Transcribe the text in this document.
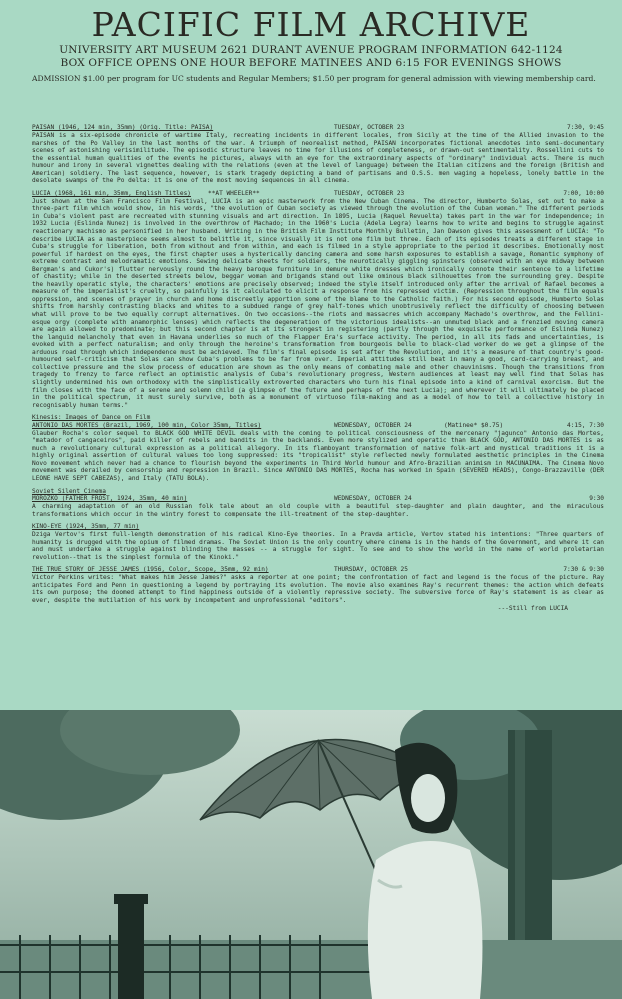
PACIFIC FILM ARCHIVE
UNIVERSITY ART MUSEUM 2621 DURANT AVENUE PROGRAM INFORMATION 642-1124
BOX OFFICE OPENS ONE HOUR BEFORE MATINEES AND 6:15 FOR EVENINGS SHOWS
ADMISSION $1.00 per program for UC students and Regular Members; $1.50 per program for general admission with viewing membership card.
PAISAN (1946, 124 min, 35mm) (Orig. Title: PAISA)	TUESDAY, OCTOBER 23	7:30, 9:45

PAISAN is a six-episode chronicle of wartime Italy, recreating incidents in different locales, from Sicily at the time of the Allied invasion to the marshes of the Po Valley in the last months of the war. A triumph of neorealist method, PAISAN incorporates fictional anecdotes into semi-documentary scenes of astonishing verisimilitude. The episodic structure leaves no time for illusions of completeness, or drawn-out sentimentality. Rossellini cuts to the essential human qualities of the events he pictures, always with an eye for the extraordinary aspects of "ordinary" individual acts. There is much humour and irony in several vignettes dealing with the relations (even at the level of language) between the Italian citizens and the foreign (British and American) soldiery. The last sequence, however, is stark tragedy depicting a band of partisans and O.S.S. men waging a hopeless, lonely battle in the desolate swamps of the Po delta: it is one of the most moving sequences in all cinema.

LUCIA (1968, 161 min, 35mm, English Titles)	**AT WHEELER**	TUESDAY, OCTOBER 23	7:00, 10:00

Just shown at the San Francisco Film Festival, LUCIA is an epic masterwork from the New Cuban Cinema. The director, Humberto Solas, set out to make a three-part film which would show, in his words, "the evolution of Cuban society as viewed through the evolution of the Cuban woman." The different periods in Cuba's violent past are recreated with stunning visuals and art direction. In 1895, Lucia (Raquel Revuelta) takes part in the war for independence; in 1932 Lucia (Eslinda Nunez) is involved in the overthrow of Machado; in the 1960's Lucia (Adela Legra) learns how to write and begins to struggle against reactionary machismo as personified in her husband. Writing in the British Film Institute Monthly Bulletin, Jan Dawson gives this assessment of LUCIA: "To describe LUCIA as a masterpiece seems almost to belittle it, since visually it is not one film but three. Each of its episodes treats a different stage in Cuba's struggle for liberation, both from without and from within, and each is filmed in a style appropriate to the period it describes. Emotionally most powerful if hardest on the eyes, the first chapter uses a hysterically dancing camera and some harsh exposures to establish a savage, Romantic symphony of extreme contrast and melodramatic emotions. Sewing delicate sheets for soldiers, the neurotically giggling spinsters (observed with an eye midway between Bergman's and Cukor's) flutter nervously round the heavy baroque furniture in demure white dresses which ironically connote their sentence to a lifetime of chastity; while in the deserted streets below, beggar woman and brigands stand out like ominous black silhouettes from the surrounding grey. Despite the heavily operatic style, the characters' emotions are precisely observed; indeed the style itself introduced only after the arrival of Rafael becomes a measure of the imperialist's cruelty, so painfully is it calculated to elicit a response from his repressed victim. (Repression throughout the film equals oppression, and scenes of prayer in church and home discreetly apportion some of the blame to the Catholic faith.) For his second episode, Humberto Solas shifts from harshly contrasting blacks and whites to a subdued range of grey half-tones which unobtrusively reflect the difficulty of choosing between what will prove to be two equally corrupt alternatives. On two occasions--the riots and massacres which accompany Machado's overthrow, and the Fellini-esque orgy (complete with anamorphic lenses) which reflects the degeneration of the victorious idealists--an unmuted black and a frenzied moving camera are again allowed to predominate; but this second chapter is at its strongest in registering (partly through the exquisite performance of Eslinda Nunez) the languid melancholy that even in Havana underlies so much of the Flapper Era's surface activity. The period, in all its fads and uncertainties, is evoked with a perfect naturalism; and only through the heroine's transformation from bourgeois belle to black-clad worker do we get a glimpse of the arduous road through which independence must be achieved. The film's final episode is set after the Revolution, and it's a measure of that country's good-humoured self-criticism that Solas can show Cuba's problems to be far from over. Imperial attitudes still beat in many a good, card-carrying breast, and collective pressure and the slow process of education are shown as the only means of combating male and other chauvinisms. Though the transitions from tragedy to frenzy to farce reflect an optimistic analysis of Cuba's revolutionary progress, Western audiences at least may well find that Solas has slightly undermined his own orthodoxy with the simplistically extroverted characters who turn his final episode into a kind of carnival exorcism. But the film closes with the face of a serene and solemn child (a glimpse of the future and perhaps of the next Lucia); and wherever it will ultimately be placed in the political spectrum, it must surely survive, both as a monument of virtuoso film-making and as a model of how to tell a collective history in recognisably human terms."

Kinesis: Images of Dance on Film
ANTONIO DAS MORTES (Brazil, 1969, 100 min, Color 35mm, Titles)	WEDNESDAY, OCTOBER 24	(Matinee* $0.75)	4:15, 7:30

Glauber Rocha's color sequel to BLACK GOD WHITE DEVIL deals with the coming to political consciousness of the mercenary "jagunco" Antonio das Mortes, "matador of cangaceiros", paid killer of rebels and bandits in the backlands. Even more stylized and operatic than BLACK GOD, ANTONIO DAS MORTES is as much a revolutionary cultural expression as a political allegory. In its flamboyant transformation of native folk-art and mystical traditions it is a highly original assertion of cultural values too long suppressed: its "tropicalist" style reflected newly formulated aesthetic principles in the Cinema Novo movement which never had a chance to flourish beyond the experiments in Third World humour and Afro-Brazilian animism in MACUNAIMA. The Cinema Novo movement was derailed by censorship and repression in Brazil. Since ANTONIO DAS MORTES, Rocha has worked in Spain (SEVERED HEADS), Congo-Brazzaville (DER LEONE HAVE SEPT CABEZAS), and Italy (TATU BOLA).

Soviet Silent Cinema
MOROZKO (FATHER FROST, 1924, 35mm, 40 min)	WEDNESDAY, OCTOBER 24	9:30

A charming adaptation of an old Russian folk tale about an old couple with a beautiful step-daughter and plain daughter, and the miraculous transformations which occur in the wintry forest to compensate the ill-treatment of the step-daughter.

KINO-EYE (1924, 35mm, 77 min)

Dziga Vertov's first full-length demonstration of his radical Kino-Eye theories. In a Pravda article, Vertov stated his intentions: "Three quarters of humanity is drugged with the opium of filmed dramas. The Soviet Union is the only country where cinema is in the hands of the Government, and where it can and must undertake a struggle against blinding the masses -- a struggle for sight. To see and to show the world in the name of world proletarian revolution--that is the simplest formula of the Kinoki."

THE TRUE STORY OF JESSE JAMES (1956, Color, Scope, 35mm, 92 min)	THURSDAY, OCTOBER 25	7:30 & 9:30

Victor Perkins writes: "What makes him Jesse James?" asks a reporter at one point; the confrontation of fact and legend is the focus of the picture. Ray anticipates Ford and Penn in questioning a legend by portraying its evolution. The movie also examines Ray's recurrent themes: the action which defeats its own purpose; the doomed attempt to find happiness outside of a violently repressive society. The subversive force of Ray's statement is as clear as ever, despite the mutilation of his work by incompetent and unprofessional "editors".

---Still from LUCIA
